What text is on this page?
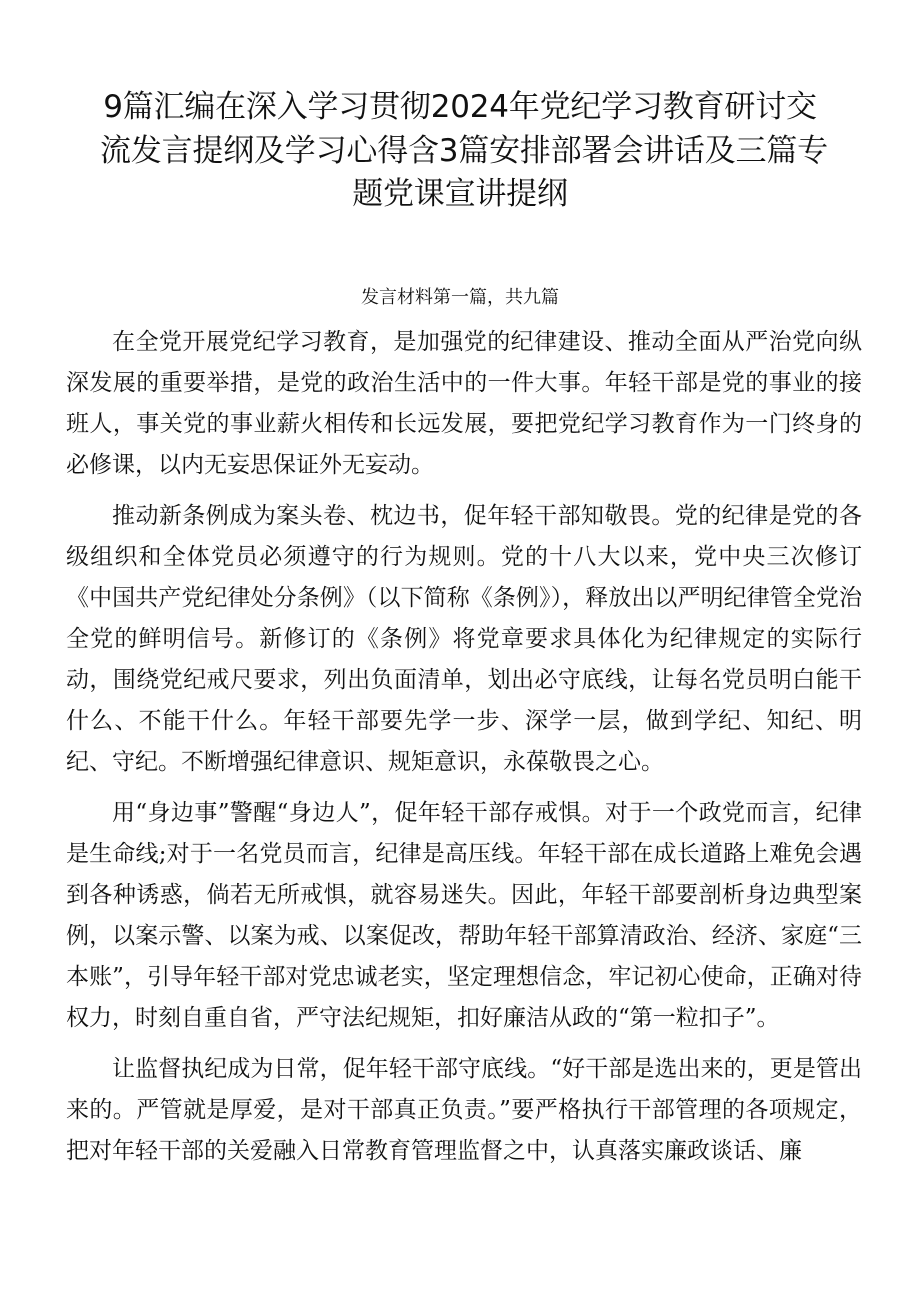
9篇汇编在深入学习贯彻2024年党纪学习教育研讨交
流发言提纲及学习心得含3篇安排部署会讲话及三篇专
题党课宣讲提纲

发言材料第一篇，共九篇

在全党开展党纪学习教育，是加强党的纪律建设、推动全面从严治党向纵深发展的重要举措，是党的政治生活中的一件大事。年轻干部是党的事业的接班人，事关党的事业薪火相传和长远发展，要把党纪学习教育作为一门终身的必修课，以内无妄思保证外无妄动。

推动新条例成为案头卷、枕边书，促年轻干部知敬畏。党的纪律是党的各级组织和全体党员必须遵守的行为规则。党的十八大以来，党中央三次修订《中国共产党纪律处分条例》（以下简称《条例》），释放出以严明纪律管全党治全党的鲜明信号。新修订的《条例》将党章要求具体化为纪律规定的实际行动，围绕党纪戒尺要求，列出负面清单，划出必守底线，让每名党员明白能干什么、不能干什么。年轻干部要先学一步、深学一层，做到学纪、知纪、明纪、守纪。不断增强纪律意识、规矩意识，永葆敬畏之心。

用“身边事”警醒“身边人”，促年轻干部存戒惧。对于一个政党而言，纪律是生命线;对于一名党员而言，纪律是高压线。年轻干部在成长道路上难免会遇到各种诱惑，倘若无所戒惧，就容易迷失。因此，年轻干部要剖析身边典型案例，以案示警、以案为戒、以案促改，帮助年轻干部算清政治、经济、家庭“三本账”，引导年轻干部对党忠诚老实，坚定理想信念，牢记初心使命，正确对待权力，时刻自重自省，严守法纪规矩，扣好廉洁从政的“第一粒扣子”。

让监督执纪成为日常，促年轻干部守底线。“好干部是选出来的，更是管出来的。严管就是厚爱，是对干部真正负责。”要严格执行干部管理的各项规定，把对年轻干部的关爱融入日常教育管理监督之中，认真落实廉政谈话、廉
